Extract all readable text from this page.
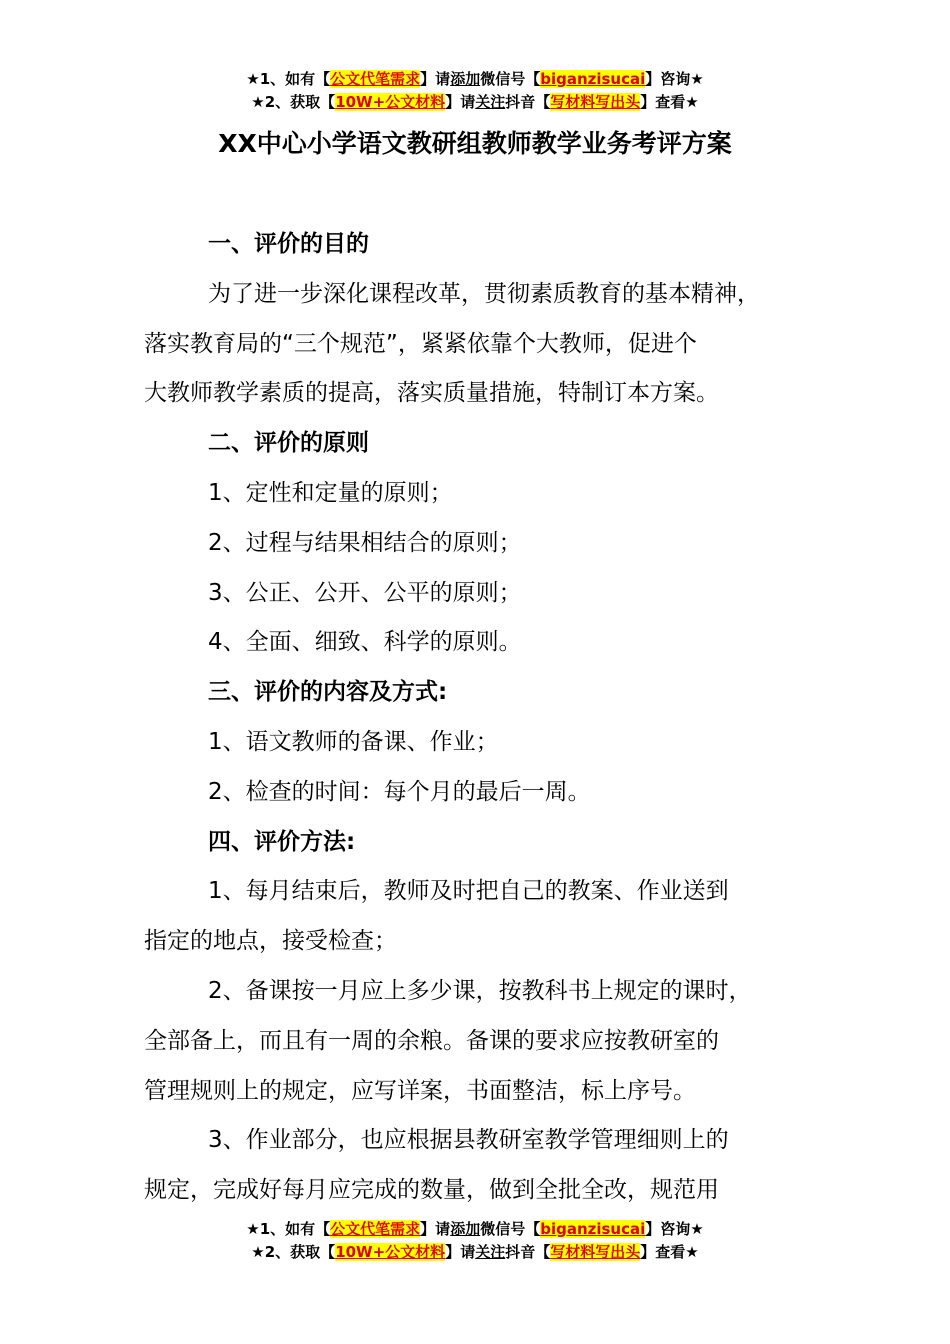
★1、如有【公文代笔需求】请添加微信号【biganzisucai】咨询★
★2、获取【10W+公文材料】请关注抖音【写材料写出头】查看★
XX中心小学语文教研组教师教学业务考评方案

一、评价的目的

为了进一步深化课程改革，贯彻素质教育的基本精神，

落实教育局的“三个规范”，紧紧依靠个大教师，促进个

大教师教学素质的提高，落实质量措施，特制订本方案。

二、评价的原则

1、定性和定量的原则；

2、过程与结果相结合的原则；

3、公正、公开、公平的原则；

4、全面、细致、科学的原则。

三、评价的内容及方式:

1、语文教师的备课、作业；

2、检查的时间：每个月的最后一周。

四、评价方法:

1、每月结束后，教师及时把自己的教案、作业送到

指定的地点，接受检查；

2、备课按一月应上多少课，按教科书上规定的课时，

全部备上，而且有一周的余粮。备课的要求应按教研室的

管理规则上的规定，应写详案，书面整洁，标上序号。

3、作业部分，也应根据县教研室教学管理细则上的

规定，完成好每月应完成的数量，做到全批全改，规范用

★1、如有【公文代笔需求】请添加微信号【biganzisucai】咨询★
★2、获取【10W+公文材料】请关注抖音【写材料写出头】查看★
